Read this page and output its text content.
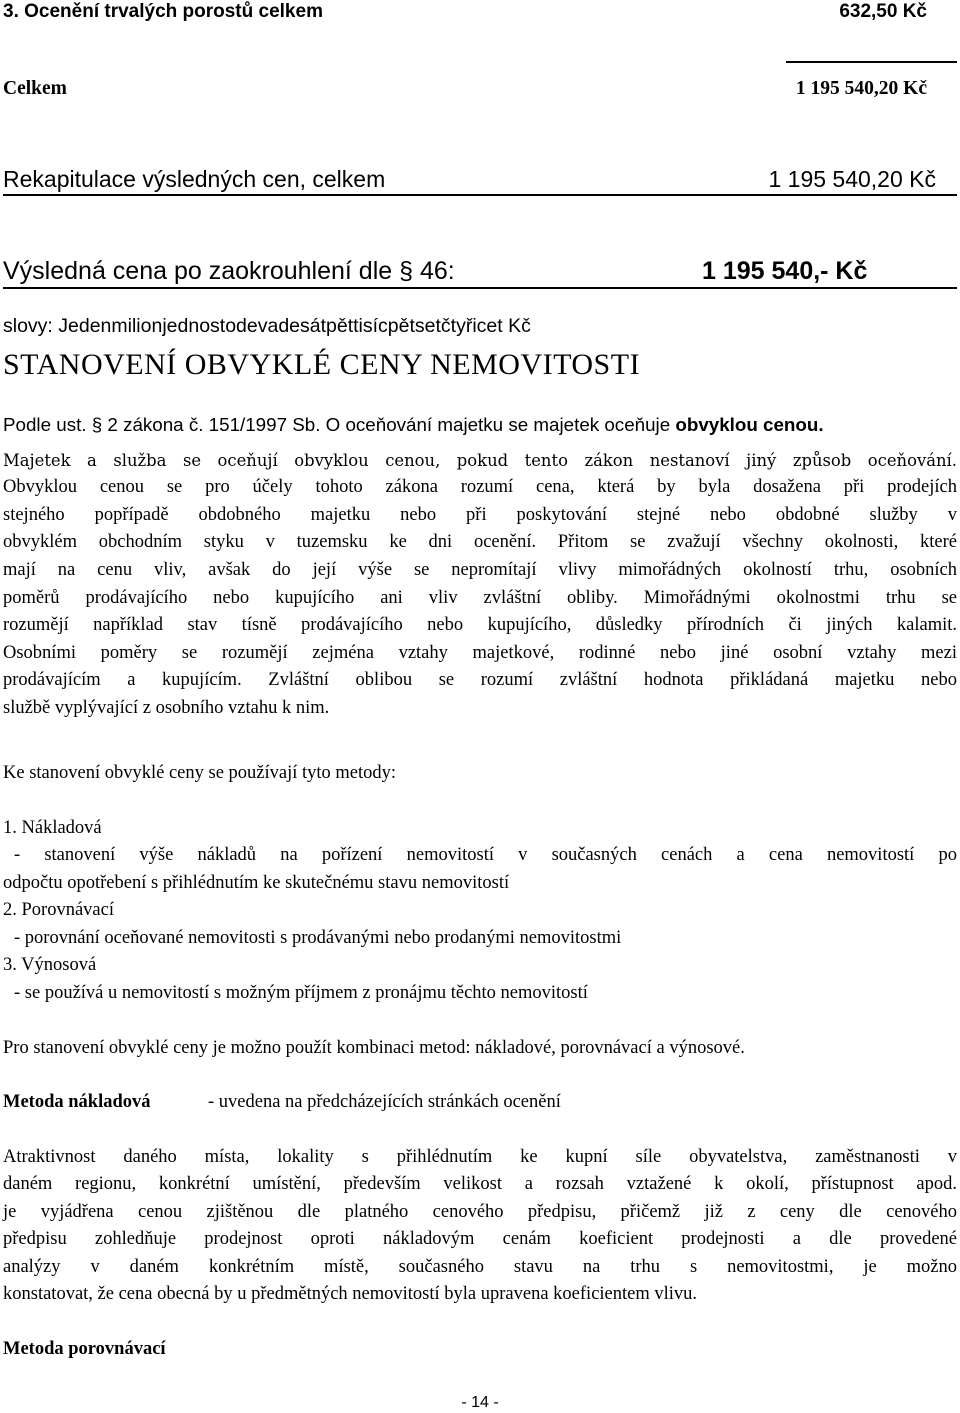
3. Ocenění trvalých porostů celkem	632,50 Kč
Celkem	1 195 540,20 Kč
Rekapitulace výsledných cen, celkem	1 195 540,20 Kč
Výsledná cena po zaokrouhlení dle § 46:	1 195 540,- Kč
slovy: Jedenmilionjednostodevadesátpěttisícpětsetčtyřicet Kč
STANOVENÍ OBVYKLÉ CENY NEMOVITOSTI
Podle ust. § 2 zákona č. 151/1997 Sb. O oceňování majetku se majetek oceňuje obvyklou cenou.
Majetek a služba se oceňují obvyklou cenou, pokud tento zákon nestanoví jiný způsob oceňování.
Obvyklou cenou se pro účely tohoto zákona rozumí cena, která by byla dosažena při prodejích
stejného popřípadě obdobného majetku nebo při poskytování stejné nebo obdobné služby v
obvyklém obchodním styku v tuzemsku ke dni ocenění. Přitom se zvažují všechny okolnosti, které
mají na cenu vliv, avšak do její výše se nepromítají vlivy mimořádných okolností trhu, osobních
poměrů prodávajícího nebo kupujícího ani vliv zvláštní obliby. Mimořádnými okolnostmi trhu se
rozumějí například stav tísně prodávajícího nebo kupujícího, důsledky přírodních či jiných kalamit.
Osobními poměry se rozumějí zejména vztahy majetkové, rodinné nebo jiné osobní vztahy mezi
prodávajícím a kupujícím. Zvláštní oblibou se rozumí zvláštní hodnota přikládaná majetku nebo
službě vyplývající z osobního vztahu k nim.
Ke stanovení obvyklé ceny se používají tyto metody:
1. Nákladová
- stanovení výše nákladů na pořízení nemovitostí v současných cenách a cena nemovitostí po
odpočtu opotřebení s přihlédnutím ke skutečnému stavu nemovitostí
2. Porovnávací
- porovnání oceňované nemovitosti s prodávanými nebo prodanými nemovitostmi
3. Výnosová
- se používá u nemovitostí s možným příjmem z pronájmu těchto nemovitostí
Pro stanovení obvyklé ceny je možno použít kombinaci metod: nákladové, porovnávací a výnosové.
Metoda nákladová	- uvedena na předcházejících stránkách ocenění
Atraktivnost daného místa, lokality s přihlédnutím ke kupní síle obyvatelstva, zaměstnanosti v
daném regionu, konkrétní umístění, především velikost a rozsah vztažené k okolí, přístupnost apod.
je vyjádřena cenou zjištěnou dle platného cenového předpisu, přičemž již z ceny dle cenového
předpisu zohledňuje prodejnost oproti nákladovým cenám koeficient prodejnosti a dle provedené
analýzy v daném konkrétním místě, současného stavu na trhu s nemovitostmi, je možno
konstatovat, že cena obecná by u předmětných nemovitostí byla upravena koeficientem vlivu.
Metoda porovnávací
- 14 -
